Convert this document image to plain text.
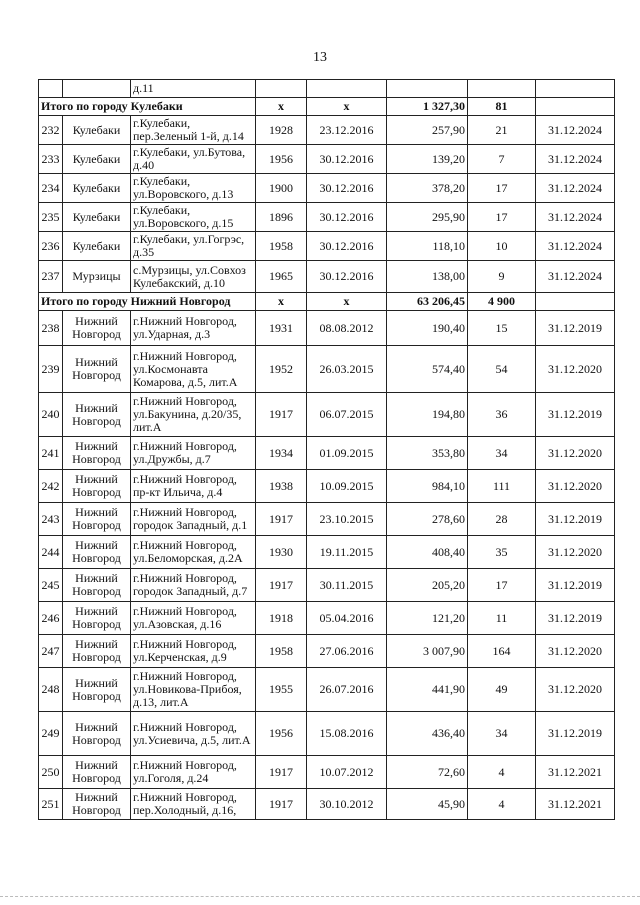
13
		д.11					
Итого по городу Кулебаки			х	х	1 327,30	81	
232	Кулебаки	г.Кулебаки, пер.Зеленый 1-й, д.14	1928	23.12.2016	257,90	21	31.12.2024
233	Кулебаки	г.Кулебаки, ул.Бутова, д.40	1956	30.12.2016	139,20	7	31.12.2024
234	Кулебаки	г.Кулебаки, ул.Воровского, д.13	1900	30.12.2016	378,20	17	31.12.2024
235	Кулебаки	г.Кулебаки, ул.Воровского, д.15	1896	30.12.2016	295,90	17	31.12.2024
236	Кулебаки	г.Кулебаки, ул.Гогрэс, д.35	1958	30.12.2016	118,10	10	31.12.2024
237	Мурзицы	с.Мурзицы, ул.Совхоз Кулебакский, д.10	1965	30.12.2016	138,00	9	31.12.2024
Итого по городу Нижний Новгород			х	х	63 206,45	4 900	
238	Нижний Новгород	г.Нижний Новгород, ул.Ударная, д.3	1931	08.08.2012	190,40	15	31.12.2019
239	Нижний Новгород	г.Нижний Новгород, ул.Космонавта Комарова, д.5, лит.А	1952	26.03.2015	574,40	54	31.12.2020
240	Нижний Новгород	г.Нижний Новгород, ул.Бакунина, д.20/35, лит.А	1917	06.07.2015	194,80	36	31.12.2019
241	Нижний Новгород	г.Нижний Новгород, ул.Дружбы, д.7	1934	01.09.2015	353,80	34	31.12.2020
242	Нижний Новгород	г.Нижний Новгород, пр-кт Ильича, д.4	1938	10.09.2015	984,10	111	31.12.2020
243	Нижний Новгород	г.Нижний Новгород, городок Западный, д.1	1917	23.10.2015	278,60	28	31.12.2019
244	Нижний Новгород	г.Нижний Новгород, ул.Беломорская, д.2А	1930	19.11.2015	408,40	35	31.12.2020
245	Нижний Новгород	г.Нижний Новгород, городок Западный, д.7	1917	30.11.2015	205,20	17	31.12.2019
246	Нижний Новгород	г.Нижний Новгород, ул.Азовская, д.16	1918	05.04.2016	121,20	11	31.12.2019
247	Нижний Новгород	г.Нижний Новгород, ул.Керченская, д.9	1958	27.06.2016	3 007,90	164	31.12.2020
248	Нижний Новгород	г.Нижний Новгород, ул.Новикова-Прибоя, д.13, лит.А	1955	26.07.2016	441,90	49	31.12.2020
249	Нижний Новгород	г.Нижний Новгород, ул.Усиевича, д.5, лит.А	1956	15.08.2016	436,40	34	31.12.2019
250	Нижний Новгород	г.Нижний Новгород, ул.Гоголя, д.24	1917	10.07.2012	72,60	4	31.12.2021
251	Нижний Новгород	г.Нижний Новгород, пер.Холодный, д.16,	1917	30.10.2012	45,90	4	31.12.2021
